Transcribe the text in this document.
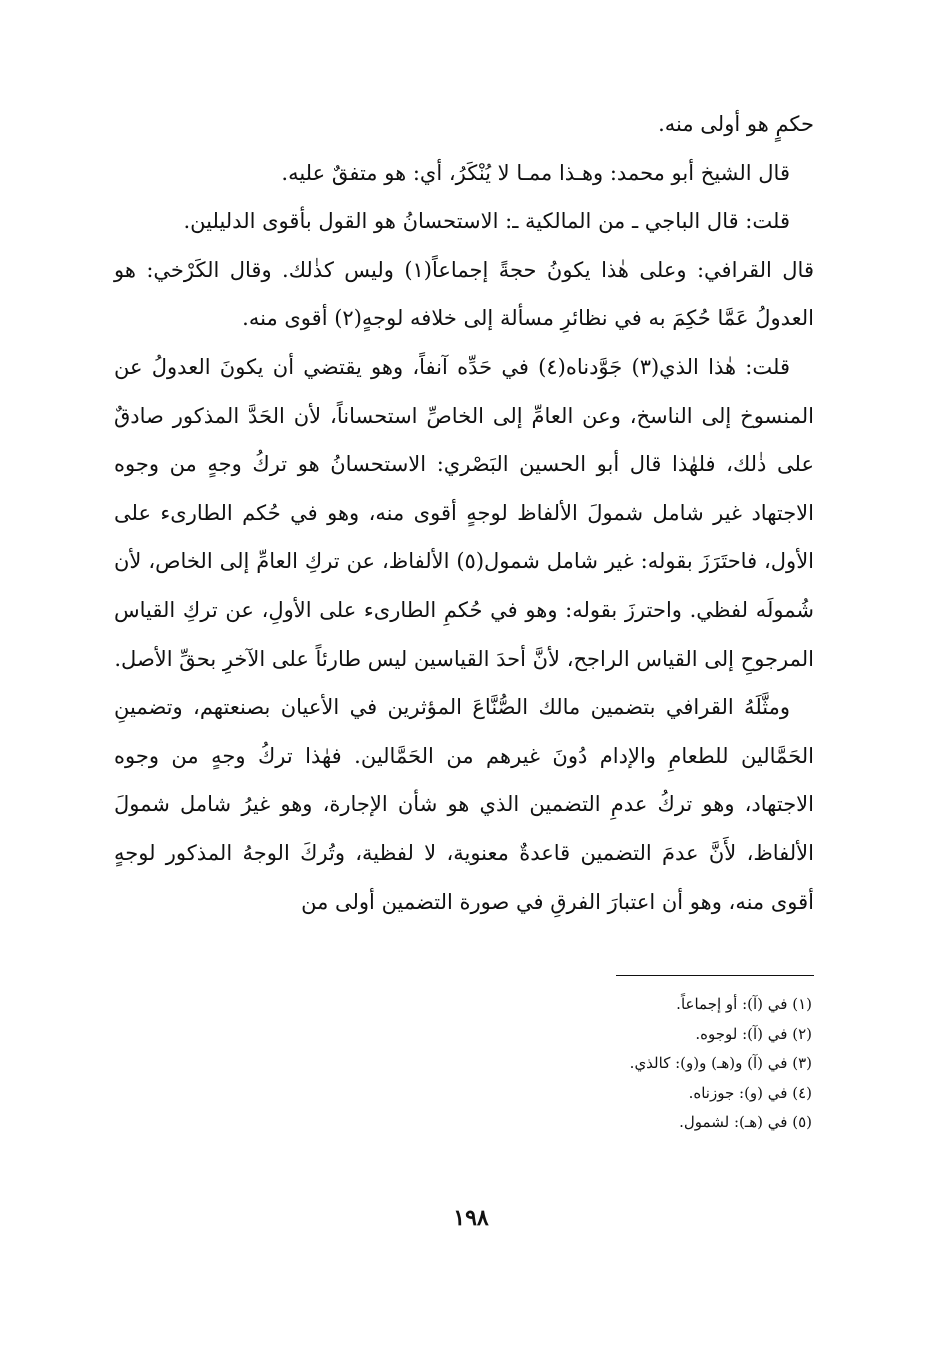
حكمٍ هو أولى منه.

قال الشيخ أبو محمد: وهـذا ممـا لا يُنْكَرُ، أي: هو متفقٌ عليه.

قلت: قال الباجي ـ من المالكية ـ: الاستحسانُ هو القول بأقوى الدليلين.

قال القرافي: وعلى هٰذا يكونُ حجةً إجماعاً(١) وليس كذٰلك. وقال الكَرْخي: هو العدولُ عَمَّا حُكِمَ به في نظائرِ مسألة إلى خلافه لوجهٍ(٢) أقوى منه.

قلت: هٰذا الذي(٣) جَوَّدناه(٤) في حَدِّه آنفاً، وهو يقتضي أن يكونَ العدولُ عن المنسوخ إلى الناسخ، وعن العامِّ إلى الخاصِّ استحساناً، لأن الحَدَّ المذكور صادقٌ على ذٰلك، فلهٰذا قال أبو الحسين البَصْري: الاستحسانُ هو تركُ وجهٍ من وجوه الاجتهاد غير شامل شمولَ الألفاظ لوجهٍ أقوى منه، وهو في حُكم الطارىء على الأول، فاحتَرَزَ بقوله: غير شامل شمول(٥) الألفاظ، عن تركِ العامِّ إلى الخاص، لأن شُمولَه لفظي. واحترزَ بقوله: وهو في حُكمِ الطارىء على الأولِ، عن تركِ القياس المرجوحِ إلى القياس الراجح، لأنَّ أحدَ القياسين ليس طارئاً على الآخرِ بحقِّ الأصل.

ومثَّلَهُ القرافي بتضمين مالك الصُّنَّاعَ المؤثرين في الأعيان بصنعتهم، وتضمينِ الحَمَّالين للطعامِ والإدام دُونَ غيرهم من الحَمَّالين. فهٰذا تركُ وجهٍ من وجوه الاجتهاد، وهو تركُ عدمِ التضمين الذي هو شأن الإجارة، وهو غيرُ شامل شمولَ الألفاظ، لأَنَّ عدمَ التضمين قاعدةٌ معنوية، لا لفظية، وتُركَ الوجهُ المذكور لوجهٍ أقوى منه، وهو أن اعتبارَ الفرقِ في صورة التضمين أولى من

(١) في (آ): أو إجماعاً.
(٢) في (آ): لوجوه.
(٣) في (آ) و(هـ) و(و): كالذي.
(٤) في (و): جوزناه.
(٥) في (هـ): لشمول.
١٩٨
